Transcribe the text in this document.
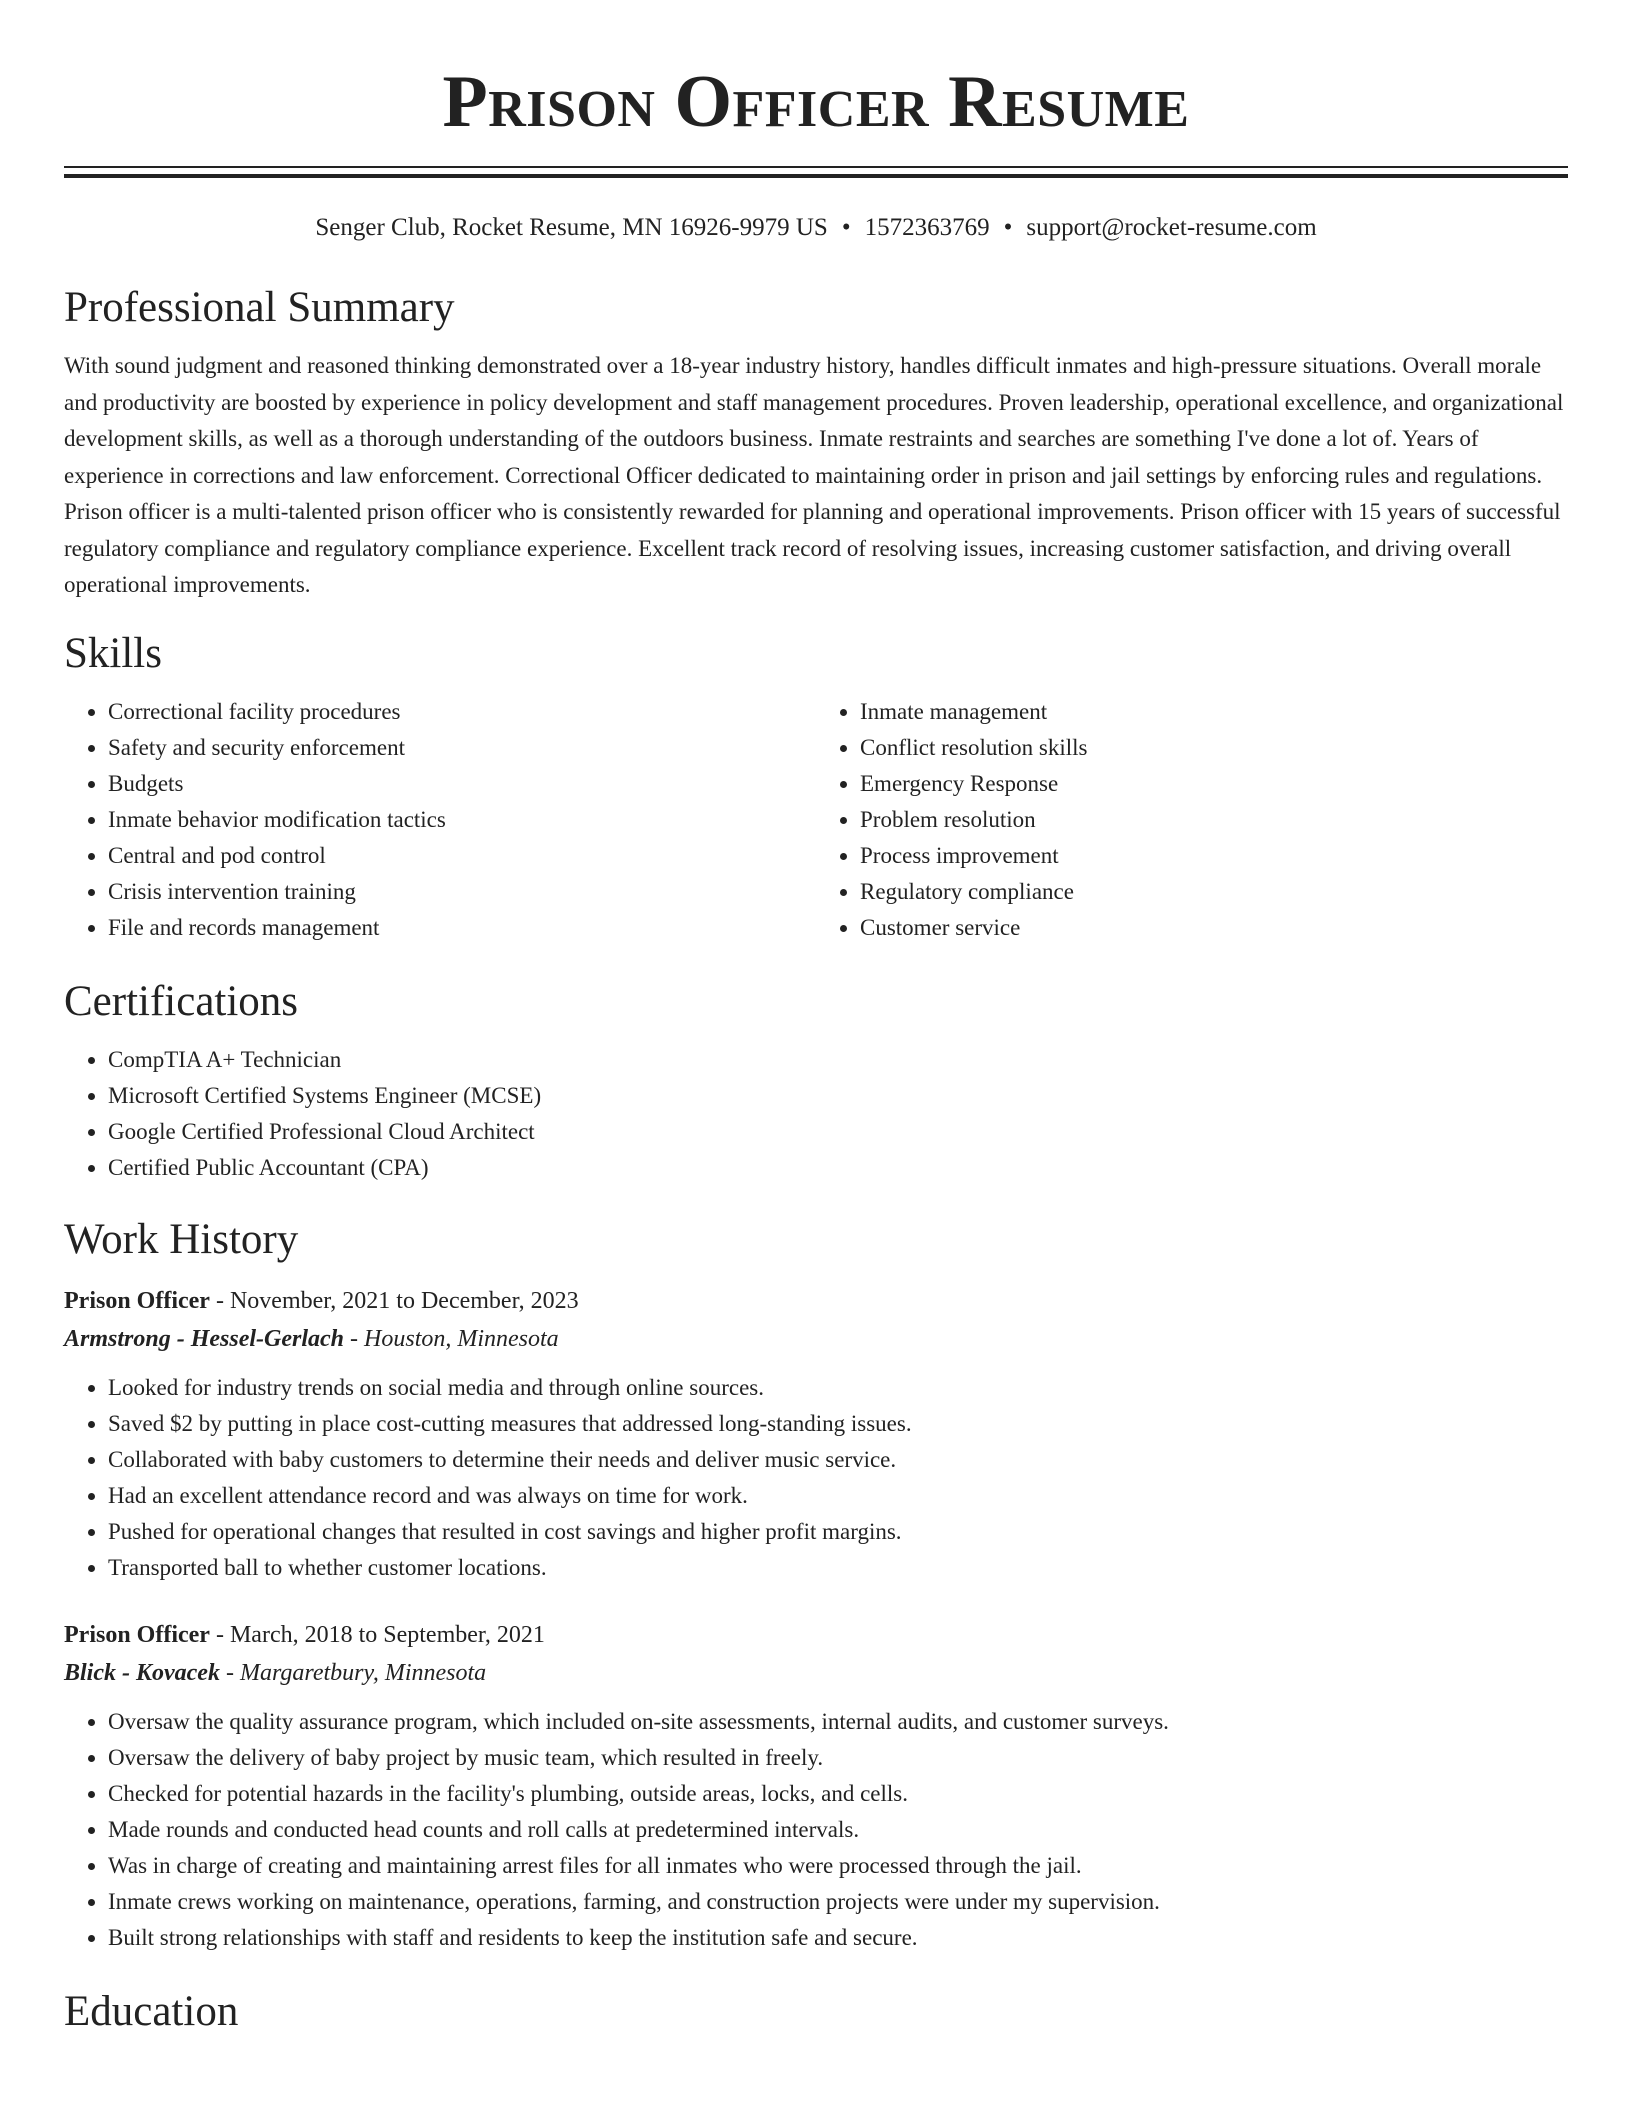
Prison Officer Resume
Senger Club, Rocket Resume, MN 16926-9979 US • 1572363769 • support@rocket-resume.com
Professional Summary

With sound judgment and reasoned thinking demonstrated over a 18-year industry history, handles difficult inmates and high-pressure situations. Overall morale and productivity are boosted by experience in policy development and staff management procedures. Proven leadership, operational excellence, and organizational development skills, as well as a thorough understanding of the outdoors business. Inmate restraints and searches are something I've done a lot of. Years of experience in corrections and law enforcement. Correctional Officer dedicated to maintaining order in prison and jail settings by enforcing rules and regulations. Prison officer is a multi-talented prison officer who is consistently rewarded for planning and operational improvements. Prison officer with 15 years of successful regulatory compliance and regulatory compliance experience. Excellent track record of resolving issues, increasing customer satisfaction, and driving overall operational improvements.

Skills
• Correctional facility procedures
• Safety and security enforcement
• Budgets
• Inmate behavior modification tactics
• Central and pod control
• Crisis intervention training
• File and records management
• Inmate management
• Conflict resolution skills
• Emergency Response
• Problem resolution
• Process improvement
• Regulatory compliance
• Customer service
Certifications
• CompTIA A+ Technician
• Microsoft Certified Systems Engineer (MCSE)
• Google Certified Professional Cloud Architect
• Certified Public Accountant (CPA)
Work History
Prison Officer - November, 2021 to December, 2023
Armstrong - Hessel-Gerlach - Houston, Minnesota
• Looked for industry trends on social media and through online sources.
• Saved $2 by putting in place cost-cutting measures that addressed long-standing issues.
• Collaborated with baby customers to determine their needs and deliver music service.
• Had an excellent attendance record and was always on time for work.
• Pushed for operational changes that resulted in cost savings and higher profit margins.
• Transported ball to whether customer locations.
Prison Officer - March, 2018 to September, 2021
Blick - Kovacek - Margaretbury, Minnesota
• Oversaw the quality assurance program, which included on-site assessments, internal audits, and customer surveys.
• Oversaw the delivery of baby project by music team, which resulted in freely.
• Checked for potential hazards in the facility's plumbing, outside areas, locks, and cells.
• Made rounds and conducted head counts and roll calls at predetermined intervals.
• Was in charge of creating and maintaining arrest files for all inmates who were processed through the jail.
• Inmate crews working on maintenance, operations, farming, and construction projects were under my supervision.
• Built strong relationships with staff and residents to keep the institution safe and secure.
Education
